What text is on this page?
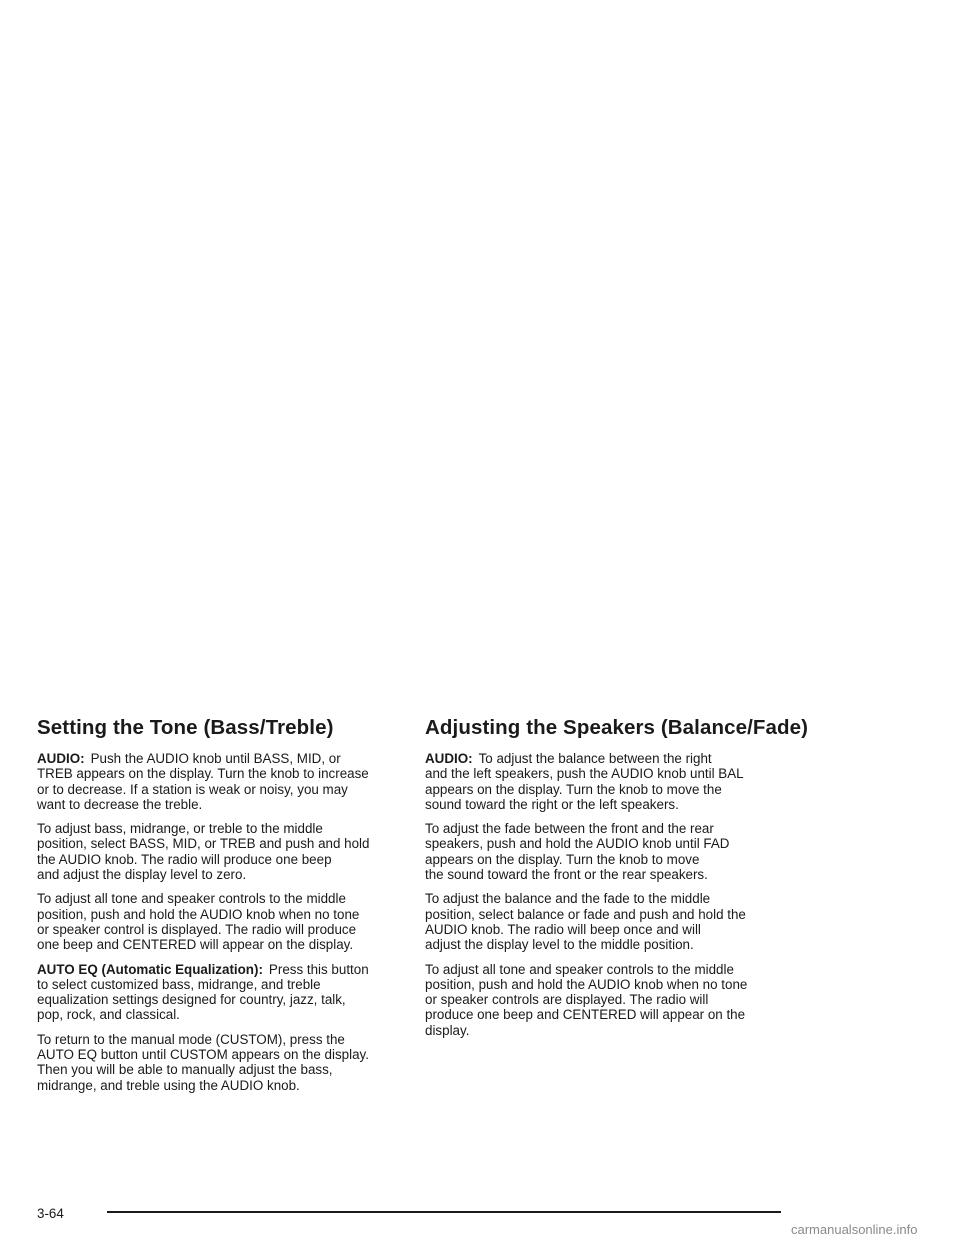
Setting the Tone (Bass/Treble)

AUDIO: Push the AUDIO knob until BASS, MID, or
TREB appears on the display. Turn the knob to increase
or to decrease. If a station is weak or noisy, you may
want to decrease the treble.

To adjust bass, midrange, or treble to the middle
position, select BASS, MID, or TREB and push and hold
the AUDIO knob. The radio will produce one beep
and adjust the display level to zero.

To adjust all tone and speaker controls to the middle
position, push and hold the AUDIO knob when no tone
or speaker control is displayed. The radio will produce
one beep and CENTERED will appear on the display.

AUTO EQ (Automatic Equalization): Press this button
to select customized bass, midrange, and treble
equalization settings designed for country, jazz, talk,
pop, rock, and classical.

To return to the manual mode (CUSTOM), press the
AUTO EQ button until CUSTOM appears on the display.
Then you will be able to manually adjust the bass,
midrange, and treble using the AUDIO knob.

Adjusting the Speakers (Balance/Fade)

AUDIO: To adjust the balance between the right
and the left speakers, push the AUDIO knob until BAL
appears on the display. Turn the knob to move the
sound toward the right or the left speakers.

To adjust the fade between the front and the rear
speakers, push and hold the AUDIO knob until FAD
appears on the display. Turn the knob to move
the sound toward the front or the rear speakers.

To adjust the balance and the fade to the middle
position, select balance or fade and push and hold the
AUDIO knob. The radio will beep once and will
adjust the display level to the middle position.

To adjust all tone and speaker controls to the middle
position, push and hold the AUDIO knob when no tone
or speaker controls are displayed. The radio will
produce one beep and CENTERED will appear on the
display.

3-64
carmanualsonline.info
